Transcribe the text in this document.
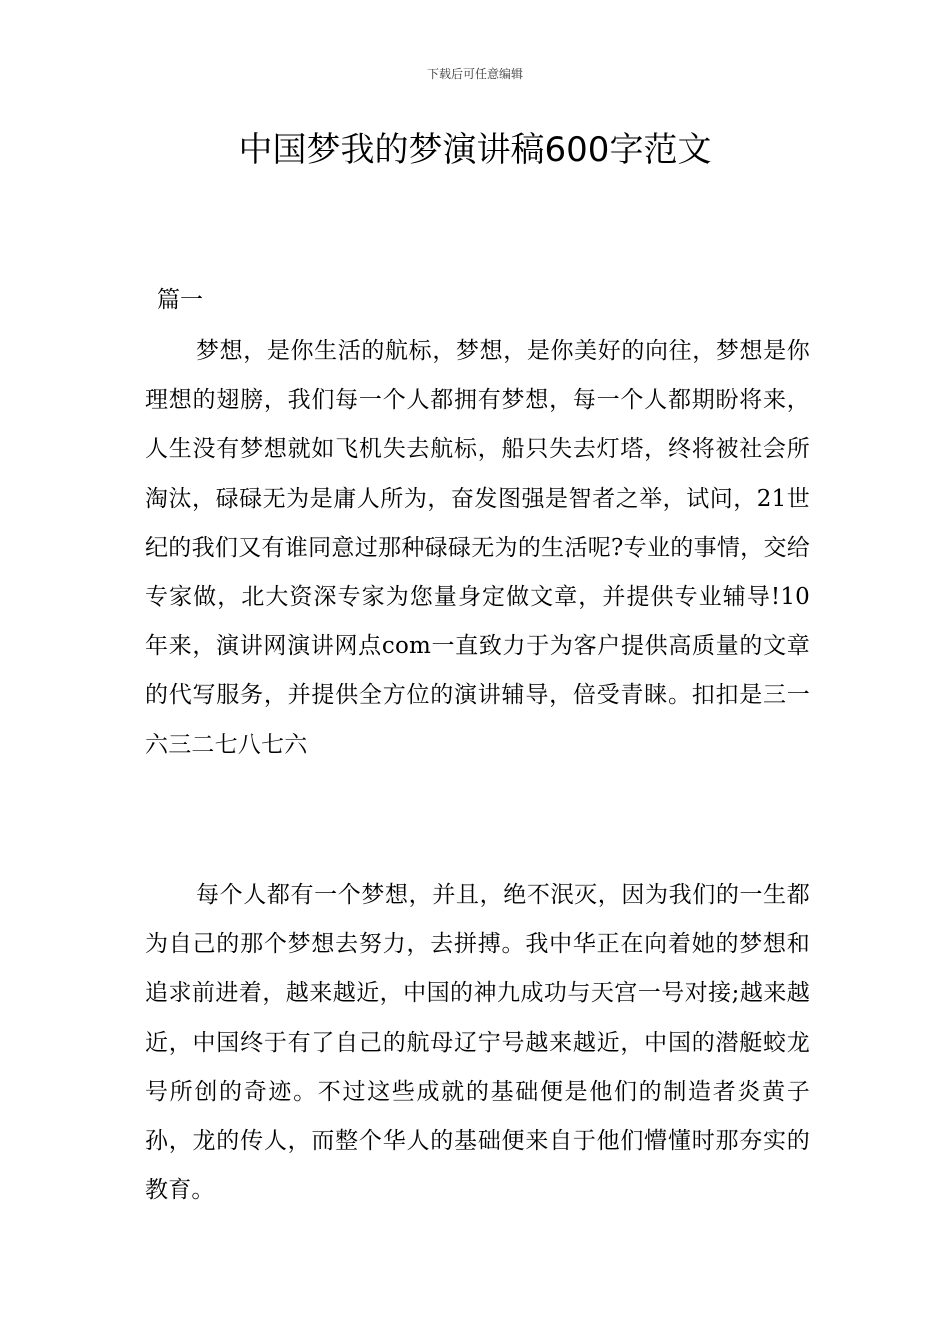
下载后可任意编辑
中国梦我的梦演讲稿600字范文
篇一

梦想，是你生活的航标，梦想，是你美好的向往，梦想是你理想的翅膀，我们每一个人都拥有梦想，每一个人都期盼将来，人生没有梦想就如飞机失去航标，船只失去灯塔，终将被社会所淘汰，碌碌无为是庸人所为，奋发图强是智者之举，试问，21世纪的我们又有谁同意过那种碌碌无为的生活呢?专业的事情，交给专家做，北大资深专家为您量身定做文章，并提供专业辅导!10年来，演讲网演讲网点com一直致力于为客户提供高质量的文章的代写服务，并提供全方位的演讲辅导，倍受青睐。扣扣是三一六三二七八七六

每个人都有一个梦想，并且，绝不泯灭，因为我们的一生都为自己的那个梦想去努力，去拼搏。我中华正在向着她的梦想和追求前进着，越来越近，中国的神九成功与天宫一号对接;越来越近，中国终于有了自己的航母辽宁号越来越近，中国的潜艇蛟龙号所创的奇迹。不过这些成就的基础便是他们的制造者炎黄子孙，龙的传人，而整个华人的基础便来自于他们懵懂时那夯实的教育。
